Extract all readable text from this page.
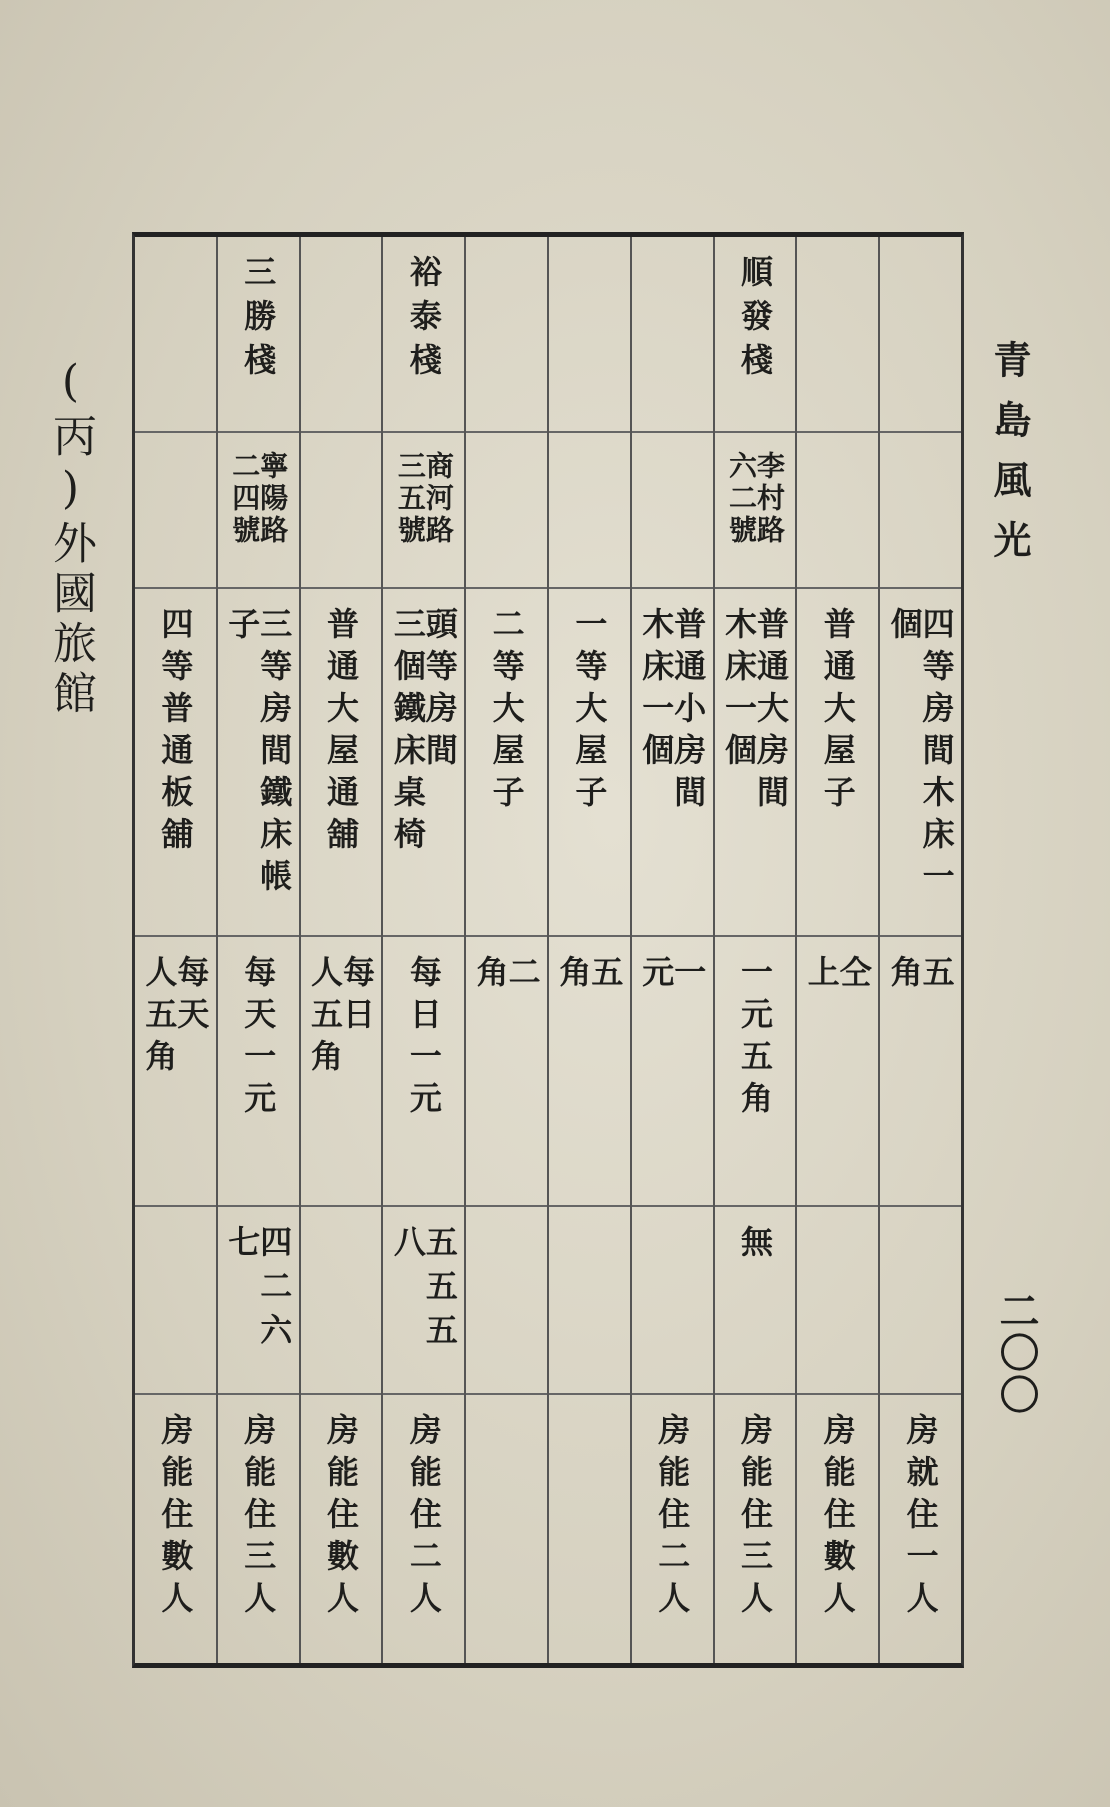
青島風光
二〇〇
(丙)外國旅館
四等房間木床一個
五
角
房就住一人
普通大屋子
仝
上
房能住數人
順發棧
李村路
六二號
普通大房間
木床一個
一元五角
無
房能住三人
普通小房間
木床一個
一
元
房能住二人
一等大屋子
五
角
二等大屋子
二
角
裕泰棧
商河路
三五號
頭等房間
三個鐵床桌椅
每日一元
五五五八
房能住二人
普通大屋通舖
每日
人五角
房能住數人
三勝棧
寧陽路
二四號
三等房間鐵床帳子
每天一元
四二六七
房能住三人
四等普通板舖
每天
人五角
房能住數人
